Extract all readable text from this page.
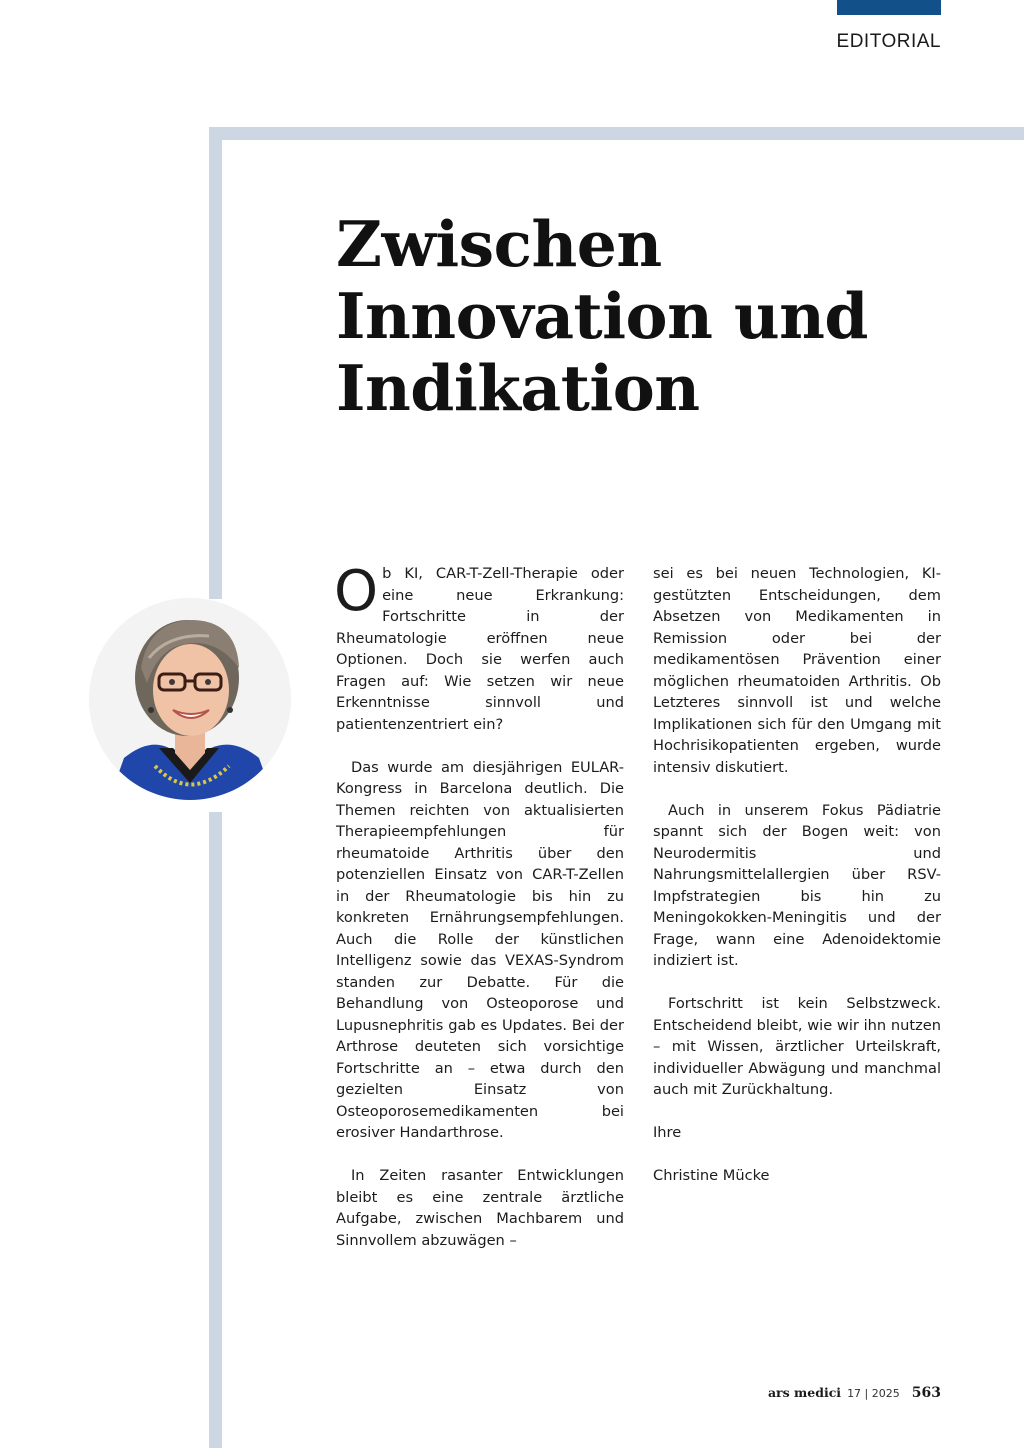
EDITORIAL
Zwischen
Innovation und
Indikation

Ob KI, CAR-T-Zell-Therapie oder eine neue Erkrankung: Fortschritte in der Rheumatologie eröffnen neue Optionen. Doch sie werfen auch Fragen auf: Wie setzen wir neue Erkenntnisse sinnvoll und patientenzentriert ein?

Das wurde am diesjährigen EULAR-Kongress in Barcelona deutlich. Die Themen reichten von aktualisierten Therapieempfehlungen für rheumatoide Arthritis über den potenziellen Einsatz von CAR-T-Zellen in der Rheumatologie bis hin zu konkreten Ernährungsempfehlungen. Auch die Rolle der künstlichen Intelligenz sowie das VEXAS-Syndrom standen zur Debatte. Für die Behandlung von Osteoporose und Lupusnephritis gab es Updates. Bei der Arthrose deuteten sich vorsichtige Fortschritte an – etwa durch den gezielten Einsatz von Osteoporosemedikamenten bei erosiver Handarthrose.

In Zeiten rasanter Entwicklungen bleibt es eine zentrale ärztliche Aufgabe, zwischen Machbarem und Sinnvollem abzuwägen –

sei es bei neuen Technologien, KI-gestützten Entscheidungen, dem Absetzen von Medikamenten in Remission oder bei der medikamentösen Prävention einer möglichen rheumatoiden Arthritis. Ob Letzteres sinnvoll ist und welche Implikationen sich für den Umgang mit Hochrisikopatienten ergeben, wurde intensiv diskutiert.

Auch in unserem Fokus Pädiatrie spannt sich der Bogen weit: von Neurodermitis und Nahrungsmittelallergien über RSV-Impfstrategien bis hin zu Meningokokken-Meningitis und der Frage, wann eine Adenoidektomie indiziert ist.

Fortschritt ist kein Selbstzweck. Entscheidend bleibt, wie wir ihn nutzen – mit Wissen, ärztlicher Urteilskraft, individueller Abwägung und manchmal auch mit Zurückhaltung.

Ihre

Christine Mücke

ars medici 17 | 2025 563
